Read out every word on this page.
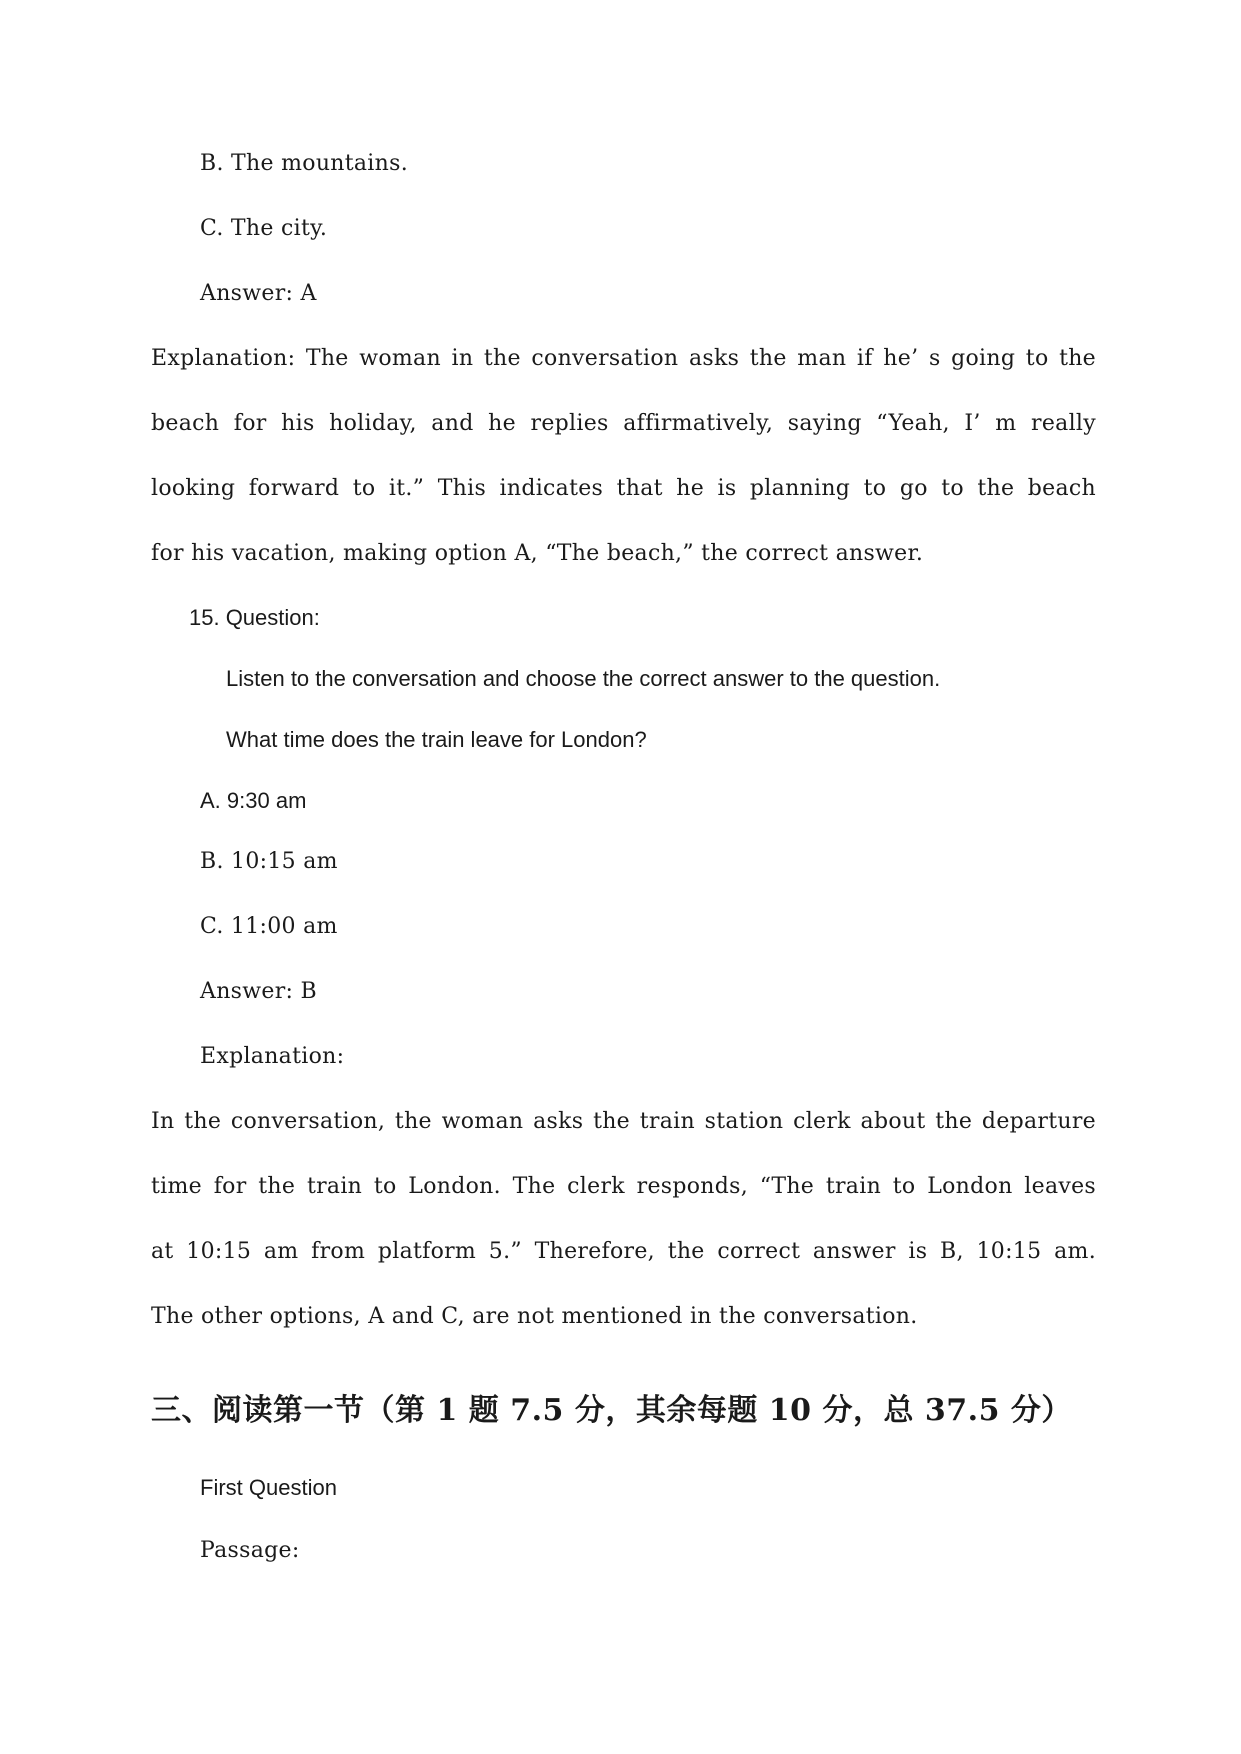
B. The mountains.

C. The city.

Answer: A

Explanation: The woman in the conversation asks the man if he’ s going to the

beach for his holiday, and he replies affirmatively, saying “Yeah, I’ m really

looking forward to it.” This indicates that he is planning to go to the beach

for his vacation, making option A, “The beach,” the correct answer.

15. Question:

Listen to the conversation and choose the correct answer to the question.

What time does the train leave for London?

A. 9:30 am

B. 10:15 am

C. 11:00 am

Answer: B

Explanation:

In the conversation, the woman asks the train station clerk about the departure

time for the train to London. The clerk responds, “The train to London leaves

at 10:15 am from platform 5.” Therefore, the correct answer is B, 10:15 am.

The other options, A and C, are not mentioned in the conversation.

三、阅读第一节（第 1 题 7.5 分，其余每题 10 分，总 37.5 分）

First Question

Passage:
